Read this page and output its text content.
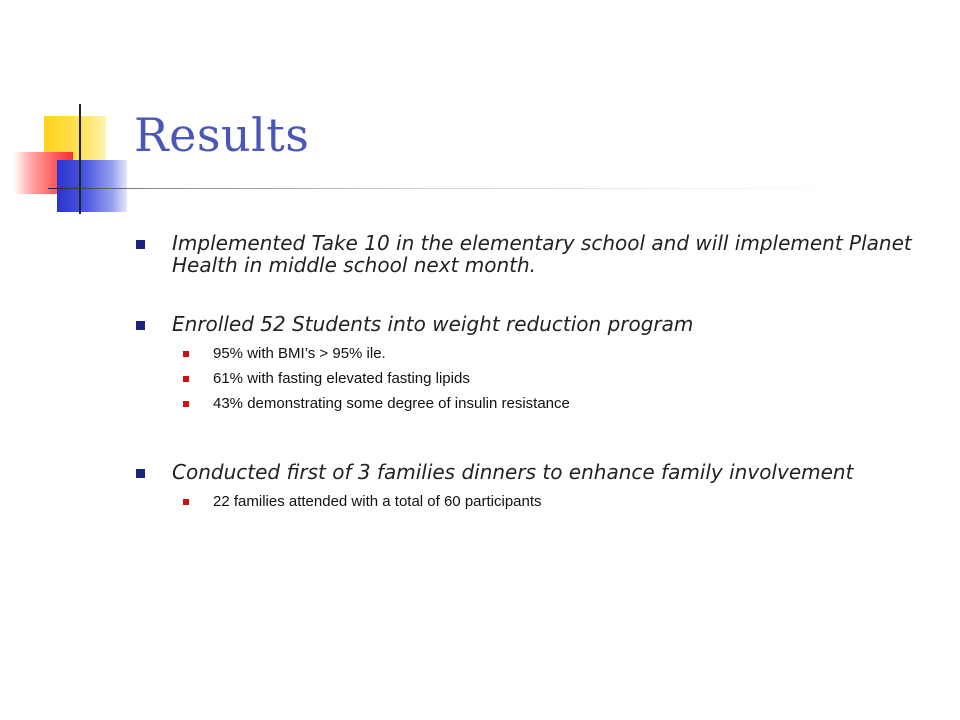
Results
Implemented Take 10 in the elementary school and will implement Planet Health in middle school next month.
Enrolled 52 Students into weight reduction program
95% with BMI’s > 95% ile.
61% with fasting elevated fasting lipids
43% demonstrating some degree of insulin resistance
Conducted first of 3 families dinners to enhance family involvement
22 families attended with a total of 60 participants
